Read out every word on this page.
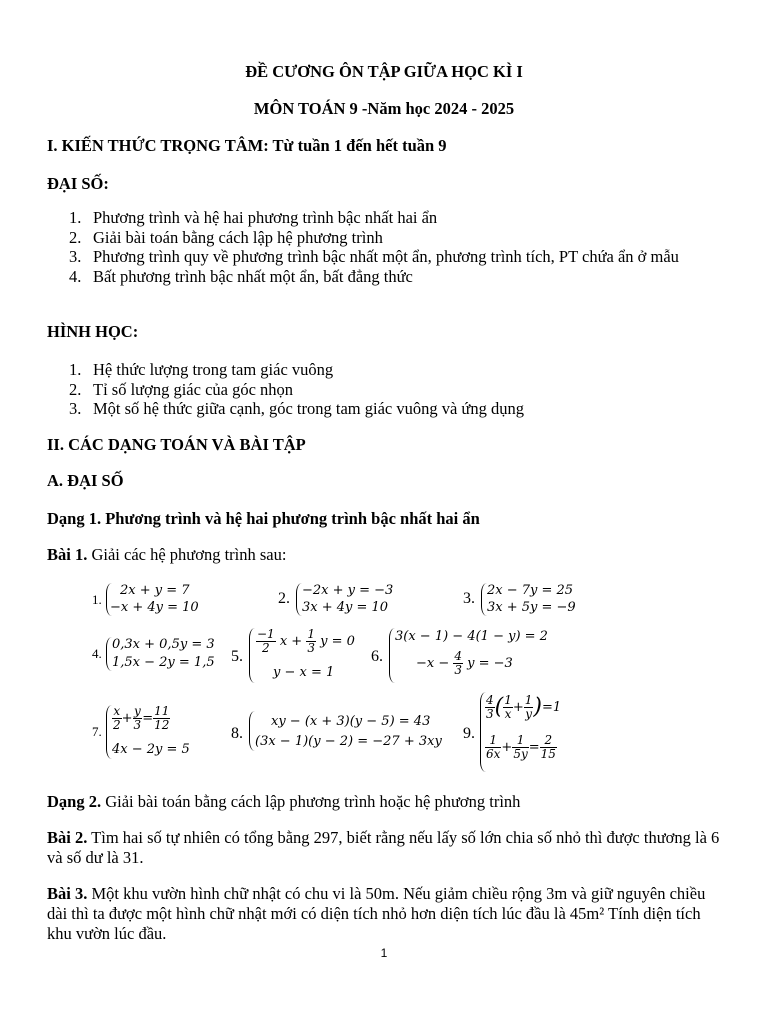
ĐỀ CƯƠNG ÔN TẬP GIỮA HỌC KÌ I
MÔN TOÁN 9 -Năm học 2024 - 2025
I. KIẾN THỨC TRỌNG TÂM: Từ tuần 1 đến hết tuần 9
ĐẠI SỐ:
1. Phương trình và hệ hai phương trình bậc nhất hai ẩn
2. Giải bài toán bằng cách lập hệ phương trình
3. Phương trình quy về phương trình bậc nhất một ẩn, phương trình tích, PT chứa ẩn ở mẫu
4. Bất phương trình bậc nhất một ẩn, bất đẳng thức
HÌNH HỌC:
1. Hệ thức lượng trong tam giác vuông
2. Tỉ số lượng giác của góc nhọn
3. Một số hệ thức giữa cạnh, góc trong tam giác vuông và ứng dụng
II. CÁC DẠNG TOÁN VÀ BÀI TẬP
A. ĐẠI SỐ
Dạng 1. Phương trình và hệ hai phương trình bậc nhất hai ẩn
Bài 1. Giải các hệ phương trình sau:
1.
2x + y = 7
−x + 4y = 10
2. −2x + y = −3
3x + 4y = 10
3. 2x − 7y = 25
3x + 5y = −9
4.
0,3x + 0,5y = 3
1,5x − 2y = 1,5 5.
$\frac{-1}{2}$ $x + \frac{1}{3}$ y = 0
y − x = 1
6.
3(x − 1) − 4(1 − y) = 2
$-x - \frac{4}{3}$ y = −3
7. $\frac{x}{2} + \frac{y}{3} = \frac{11}{12}$
4x − 2y = 5
8.
xy − (x + 3)(y − 5) = 43
(3x − 1)(y − 2) = −27 + 3xy 9.
$\frac{4}{3}$ ( $\frac{1}{x} + \frac{1}{y} )=1$
$\frac{1}{6x} + \frac{1}{5y} = \frac{2}{15}$
Dạng 2. Giải bài toán bằng cách lập phương trình hoặc hệ phương trình
Bài 2. Tìm hai số tự nhiên có tổng bằng 297, biết rằng nếu lấy số lớn chia số nhỏ thì được thương là 6 và số dư là 31.
Bài 3. Một khu vườn hình chữ nhật có chu vi là 50m. Nếu giảm chiều rộng 3m và giữ nguyên chiều dài thì ta được một hình chữ nhật mới có diện tích nhỏ hơn diện tích lúc đầu là 45m² Tính diện tích khu vườn lúc đầu.
1
